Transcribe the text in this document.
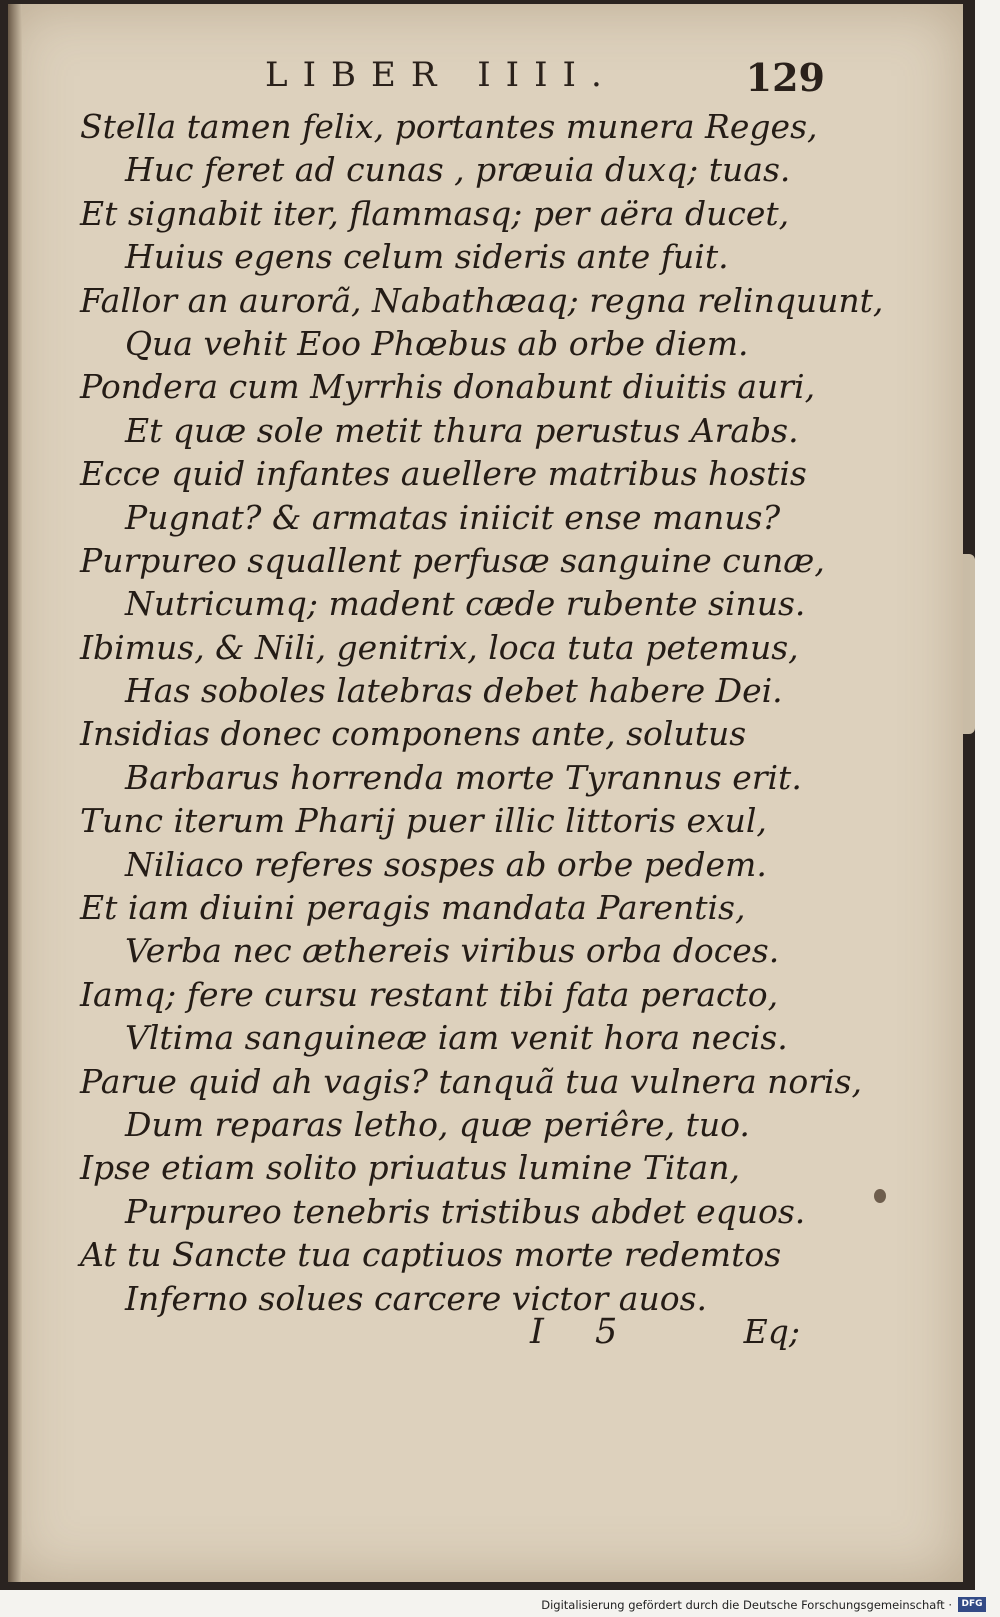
LIBER IIII.	129
Stella tamen felix, portantes munera Reges,
Huc feret ad cunas , præuia duxq; tuas.
Et signabit iter, flammasq; per aëra ducet,
Huius egens celum sideris ante fuit.
Fallor an aurorã, Nabathæaq; regna relinquunt,
Qua vehit Eoo Phœbus ab orbe diem.
Pondera cum Myrrhis donabunt diuitis auri,
Et quæ sole metit thura perustus Arabs.
Ecce quid infantes auellere matribus hostis
Pugnat? & armatas iniicit ense manus?
Purpureo squallent perfusæ sanguine cunæ,
Nutricumq; madent cæde rubente sinus.
Ibimus, & Nili, genitrix, loca tuta petemus,
Has soboles latebras debet habere Dei.
Insidias donec componens ante, solutus
Barbarus horrenda morte Tyrannus erit.
Tunc iterum Pharij puer illic littoris exul,
Niliaco referes sospes ab orbe pedem.
Et iam diuini peragis mandata Parentis,
Verba nec æthereis viribus orba doces.
Iamq; fere cursu restant tibi fata peracto,
Vltima sanguineæ iam venit hora necis.
Parue quid ah vagis? tanquã tua vulnera noris,
Dum reparas letho, quæ periêre, tuo.
Ipse etiam solito priuatus lumine Titan,
Purpureo tenebris tristibus abdet equos.
At tu Sancte tua captiuos morte redemtos
Inferno solues carcere victor auos.
I 5	Eq;
Digitalisierung gefördert durch die Deutsche Forschungsgemeinschaft ·	DFG
